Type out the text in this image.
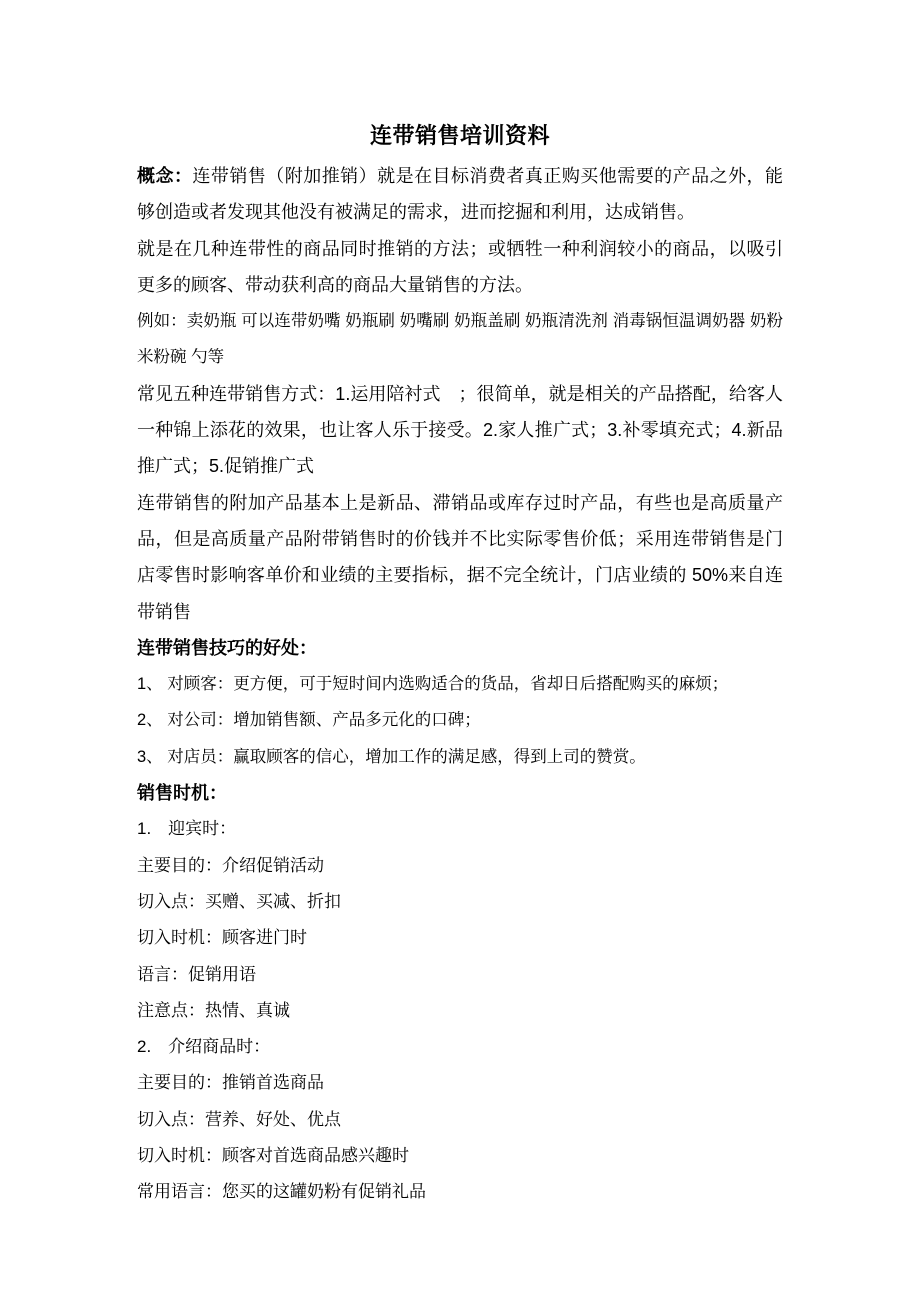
连带销售培训资料

概念：连带销售（附加推销）就是在目标消费者真正购买他需要的产品之外，能够创造或者发现其他没有被满足的需求，进而挖掘和利用，达成销售。

就是在几种连带性的商品同时推销的方法；或牺牲一种利润较小的商品，以吸引更多的顾客、带动获利高的商品大量销售的方法。

例如：卖奶瓶 可以连带奶嘴 奶瓶刷 奶嘴刷 奶瓶盖刷 奶瓶清洗剂 消毒锅恒温调奶器 奶粉 米粉碗 勺等

常见五种连带销售方式：1.运用陪衬式　；很简单，就是相关的产品搭配，给客人一种锦上添花的效果，也让客人乐于接受。2.家人推广式；3.补零填充式；4.新品推广式；5.促销推广式

连带销售的附加产品基本上是新品、滞销品或库存过时产品，有些也是高质量产品，但是高质量产品附带销售时的价钱并不比实际零售价低；采用连带销售是门店零售时影响客单价和业绩的主要指标，据不完全统计，门店业绩的 50%来自连带销售

连带销售技巧的好处：

1、 对顾客：更方便，可于短时间内选购适合的货品，省却日后搭配购买的麻烦；

2、 对公司：增加销售额、产品多元化的口碑；

3、 对店员：赢取顾客的信心，增加工作的满足感，得到上司的赞赏。

销售时机：

1.　迎宾时：

主要目的：介绍促销活动

切入点：买赠、买减、折扣

切入时机：顾客进门时

语言：促销用语

注意点：热情、真诚

2.　介绍商品时：

主要目的：推销首选商品

切入点：营养、好处、优点

切入时机：顾客对首选商品感兴趣时

常用语言：您买的这罐奶粉有促销礼品
